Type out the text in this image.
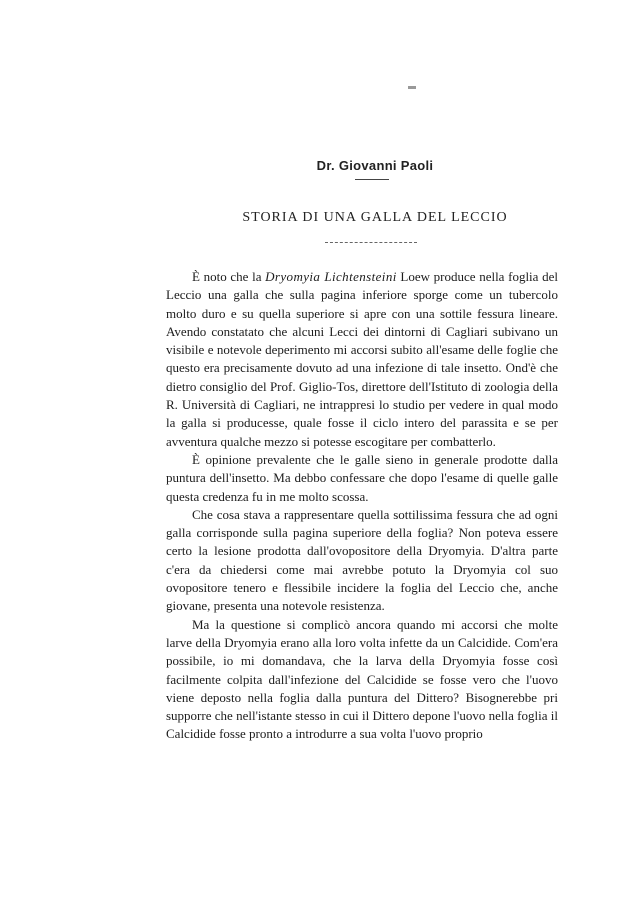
Dr. Giovanni Paoli
STORIA DI UNA GALLA DEL LECCIO

È noto che la Dryomyia Lichtensteini Loew produce nella foglia del Leccio una galla che sulla pagina inferiore sporge come un tubercolo molto duro e su quella superiore si apre con una sottile fessura lineare. Avendo constatato che alcuni Lecci dei dintorni di Cagliari subivano un visibile e notevole deperimento mi accorsi subito all'esame delle foglie che questo era precisamente dovuto ad una infezione di tale insetto. Ond'è che dietro consiglio del Prof. Giglio-Tos, direttore dell'Istituto di zoologia della R. Università di Cagliari, ne intrappresi lo studio per vedere in qual modo la galla si producesse, quale fosse il ciclo intero del parassita e se per avventura qualche mezzo si potesse escogitare per combatterlo.

È opinione prevalente che le galle sieno in generale prodotte dalla puntura dell'insetto. Ma debbo confessare che dopo l'esame di quelle galle questa credenza fu in me molto scossa.

Che cosa stava a rappresentare quella sottilissima fessura che ad ogni galla corrisponde sulla pagina superiore della foglia? Non poteva essere certo la lesione prodotta dall'ovopositore della Dryomyia. D'altra parte c'era da chiedersi come mai avrebbe potuto la Dryomyia col suo ovopositore tenero e flessibile incidere la foglia del Leccio che, anche giovane, presenta una notevole resistenza.

Ma la questione si complicò ancora quando mi accorsi che molte larve della Dryomyia erano alla loro volta infette da un Calcidide. Com'era possibile, io mi domandava, che la larva della Dryomyia fosse così facilmente colpita dall'infezione del Calcidide se fosse vero che l'uovo viene deposto nella foglia dalla puntura del Dittero? Bisognerebbe pri supporre che nell'istante stesso in cui il Dittero depone l'uovo nella foglia il Calcidide fosse pronto a introdurre a sua volta l'uovo proprio
